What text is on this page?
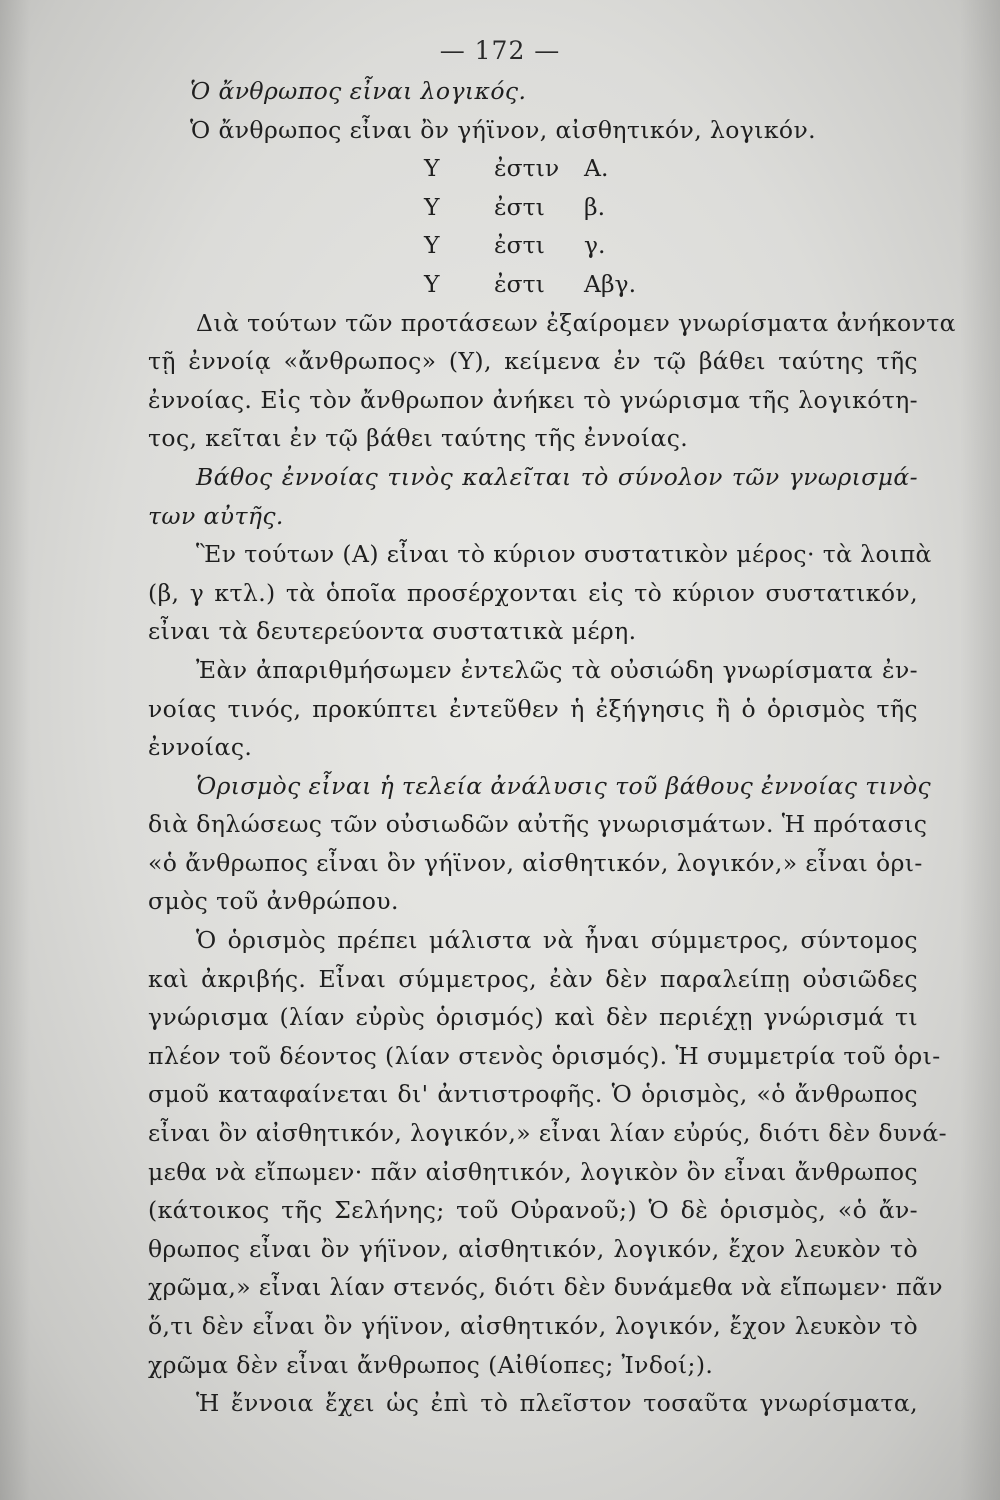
— 172 —
Ὁ ἄνθρωπος εἶναι λογικός.
Ὁ ἄνθρωπος εἶναι ὂν γήϊνον, αἰσθητικόν, λογικόν.
Υ	ἐστιν	Α.
Υ	ἐστι	β.
Υ	ἐστι	γ.
Υ	ἐστι	Αβγ.
Διὰ τούτων τῶν προτάσεων ἐξαίρομεν γνωρίσματα ἀνήκοντα
τῇ ἐννοίᾳ «ἄνθρωπος» (Υ), κείμενα ἐν τῷ βάθει ταύτης τῆς
ἐννοίας. Εἰς τὸν ἄνθρωπον ἀνήκει τὸ γνώρισμα τῆς λογικότη-
τος, κεῖται ἐν τῷ βάθει ταύτης τῆς ἐννοίας.
Βάθος ἐννοίας τινὸς καλεῖται τὸ σύνολον τῶν γνωρισμά-
των αὐτῆς.
Ἓν τούτων (Α) εἶναι τὸ κύριον συστατικὸν μέρος· τὰ λοιπὰ
(β, γ κτλ.) τὰ ὁποῖα προσέρχονται εἰς τὸ κύριον συστατικόν,
εἶναι τὰ δευτερεύοντα συστατικὰ μέρη.
Ἐὰν ἀπαριθμήσωμεν ἐντελῶς τὰ οὐσιώδη γνωρίσματα ἐν-
νοίας τινός, προκύπτει ἐντεῦθεν ἡ ἐξήγησις ἢ ὁ ὁρισμὸς τῆς
ἐννοίας.
Ὁρισμὸς εἶναι ἡ τελεία ἀνάλυσις τοῦ βάθους ἐννοίας τινὸς
διὰ δηλώσεως τῶν οὐσιωδῶν αὐτῆς γνωρισμάτων. Ἡ πρότασις
«ὁ ἄνθρωπος εἶναι ὂν γήϊνον, αἰσθητικόν, λογικόν,» εἶναι ὁρι-
σμὸς τοῦ ἀνθρώπου.
Ὁ ὁρισμὸς πρέπει μάλιστα νὰ ἦναι σύμμετρος, σύντομος
καὶ ἀκριβής. Εἶναι σύμμετρος, ἐὰν δὲν παραλείπῃ οὐσιῶδες
γνώρισμα (λίαν εὐρὺς ὁρισμός) καὶ δὲν περιέχῃ γνώρισμά τι
πλέον τοῦ δέοντος (λίαν στενὸς ὁρισμός). Ἡ συμμετρία τοῦ ὁρι-
σμοῦ καταφαίνεται δι' ἀντιστροφῆς. Ὁ ὁρισμὸς, «ὁ ἄνθρωπος
εἶναι ὂν αἰσθητικόν, λογικόν,» εἶναι λίαν εὐρύς, διότι δὲν δυνά-
μεθα νὰ εἴπωμεν· πᾶν αἰσθητικόν, λογικὸν ὂν εἶναι ἄνθρωπος
(κάτοικος τῆς Σελήνης; τοῦ Οὐρανοῦ;) Ὁ δὲ ὁρισμὸς, «ὁ ἄν-
θρωπος εἶναι ὂν γήϊνον, αἰσθητικόν, λογικόν, ἔχον λευκὸν τὸ
χρῶμα,» εἶναι λίαν στενός, διότι δὲν δυνάμεθα νὰ εἴπωμεν· πᾶν
ὅ,τι δὲν εἶναι ὂν γήϊνον, αἰσθητικόν, λογικόν, ἔχον λευκὸν τὸ
χρῶμα δὲν εἶναι ἄνθρωπος (Αἰθίοπες; Ἰνδοί;).
Ἡ ἔννοια ἔχει ὡς ἐπὶ τὸ πλεῖστον τοσαῦτα γνωρίσματα,
